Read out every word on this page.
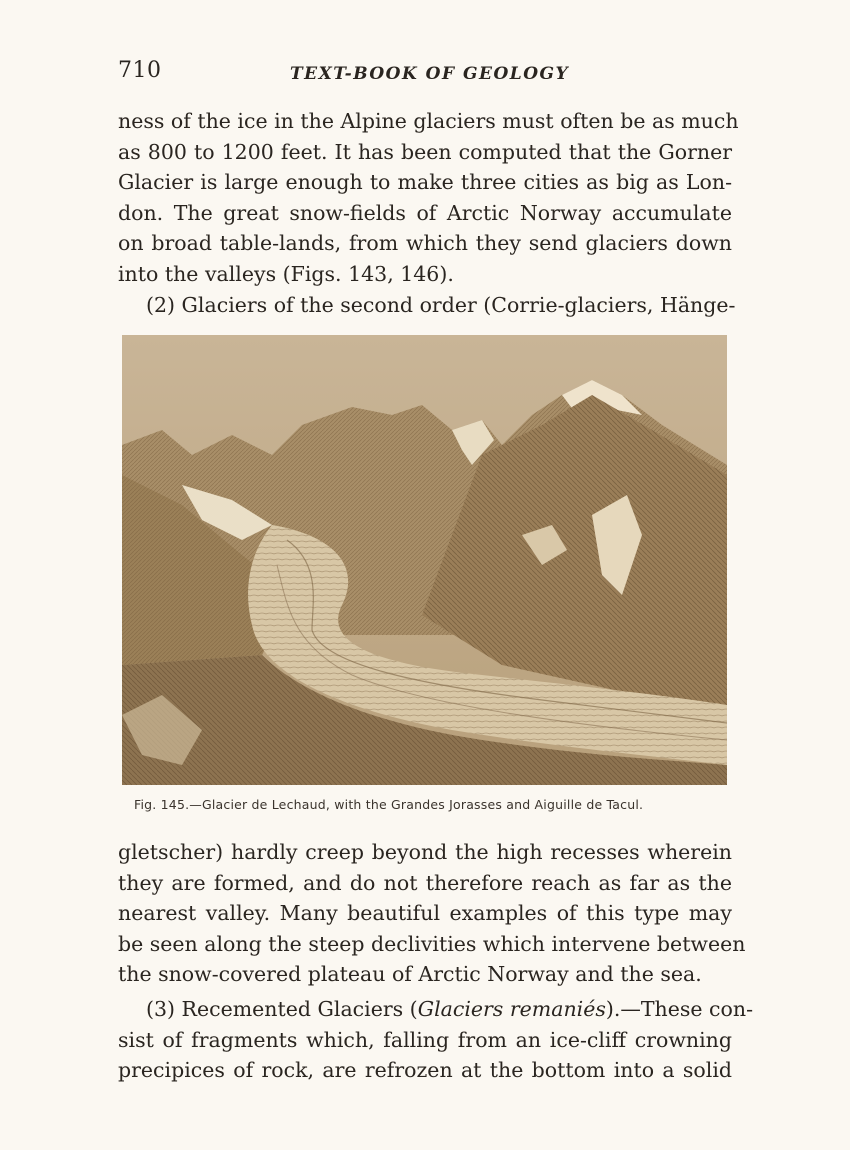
710	TEXT-BOOK OF GEOLOGY

ness of the ice in the Alpine glaciers must often be as much
as 800 to 1200 feet. It has been computed that the Gorner
Glacier is large enough to make three cities as big as Lon-
don. The great snow-fields of Arctic Norway accumulate
on broad table-lands, from which they send glaciers down
into the valleys (Figs. 143, 146).

(2) Glaciers of the second order (Corrie-glaciers, Hänge-

Fig. 145.—Glacier de Lechaud, with the Grandes Jorasses and Aiguille de Tacul.

gletscher) hardly creep beyond the high recesses wherein
they are formed, and do not therefore reach as far as the
nearest valley. Many beautiful examples of this type may
be seen along the steep declivities which intervene between
the snow-covered plateau of Arctic Norway and the sea.

(3) Recemented Glaciers (Glaciers remaniés).—These con-
sist of fragments which, falling from an ice-cliff crowning
precipices of rock, are refrozen at the bottom into a solid
